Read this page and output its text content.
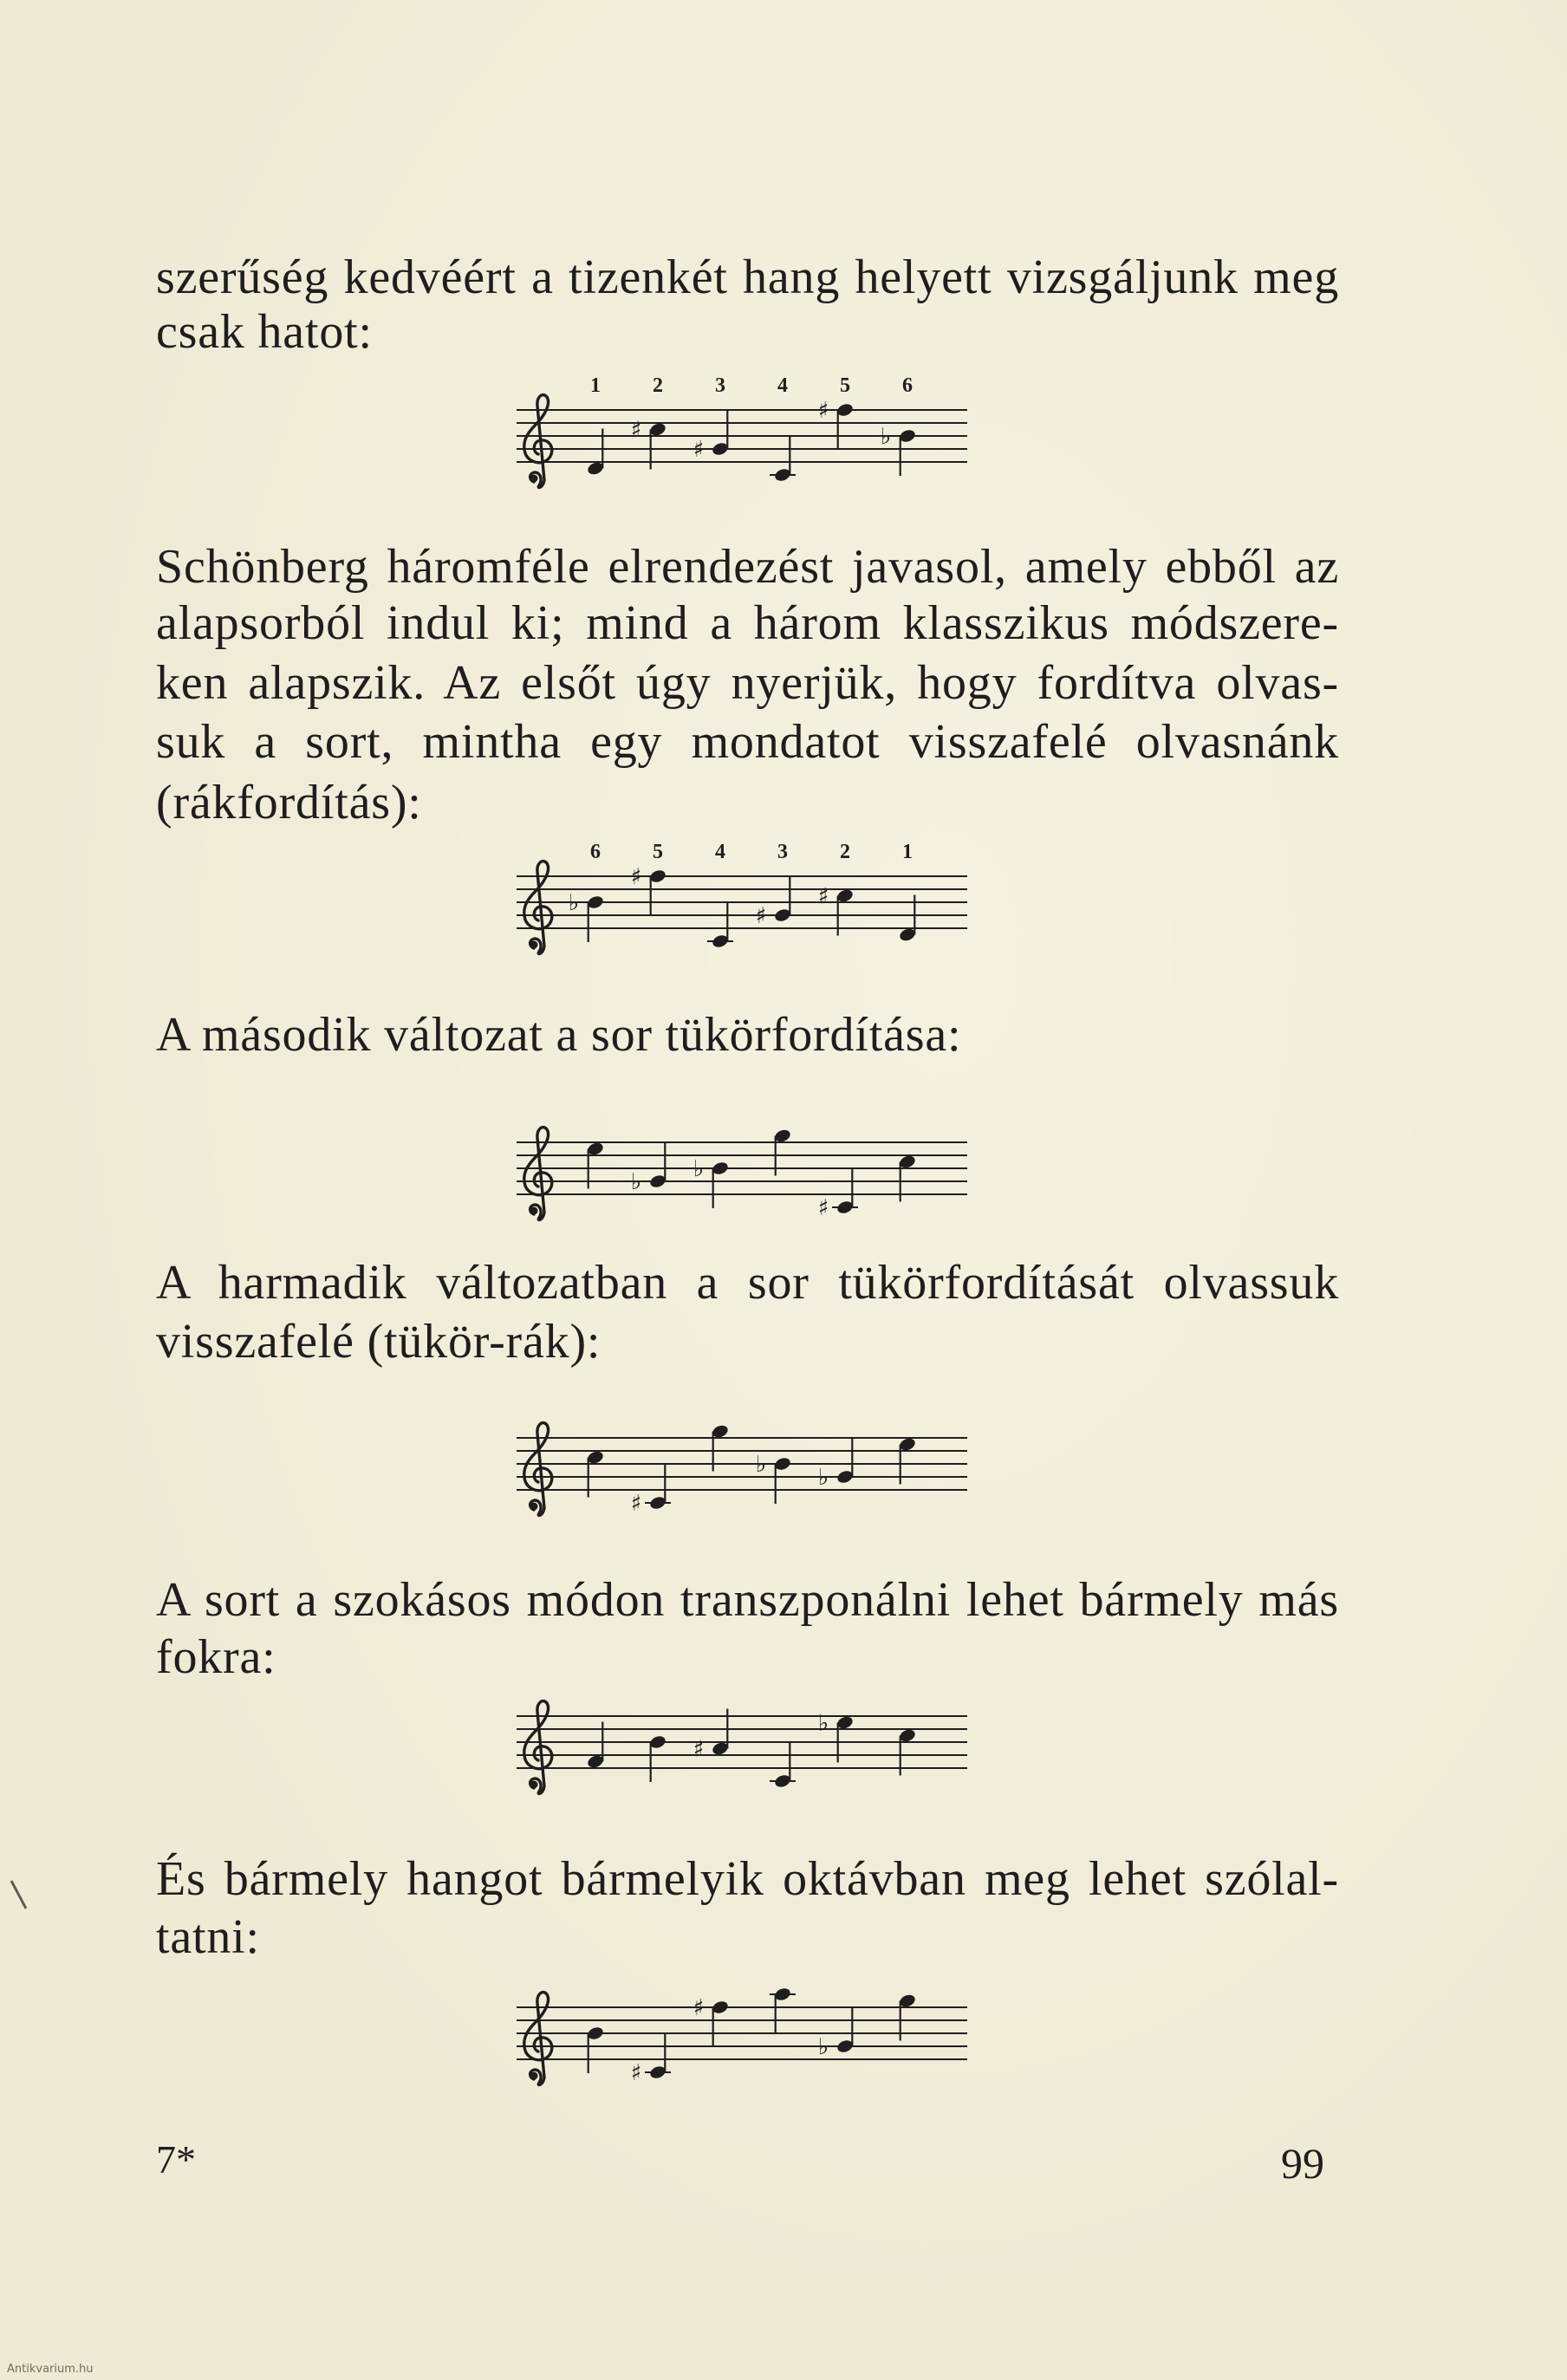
szerűség kedvéért a tizenkét hang helyett vizsgáljunk meg
csak hatot:
1	2	3	4	5	6
♯
♯
♯
♭
Schönberg háromféle elrendezést javasol, amely ebből az
alapsorból indul ki; mind a három klasszikus módszere-
ken alapszik. Az elsőt úgy nyerjük, hogy fordítva olvas-
suk a sort, mintha egy mondatot visszafelé olvasnánk
(rákfordítás):
6	5	4	3	2	1
♭
♯
♯
♯
A második változat a sor tükörfordítása:
♭ ♭
♯
A harmadik változatban a sor tükörfordítását olvassuk
visszafelé (tükör-rák):
♯
♭ ♭
A sort a szokásos módon transzponálni lehet bármely más
fokra:
♯
♭
És bármely hangot bármelyik oktávban meg lehet szólal-
tatni:
♯
♯
♭
7*	99
Antikvarium.hu
